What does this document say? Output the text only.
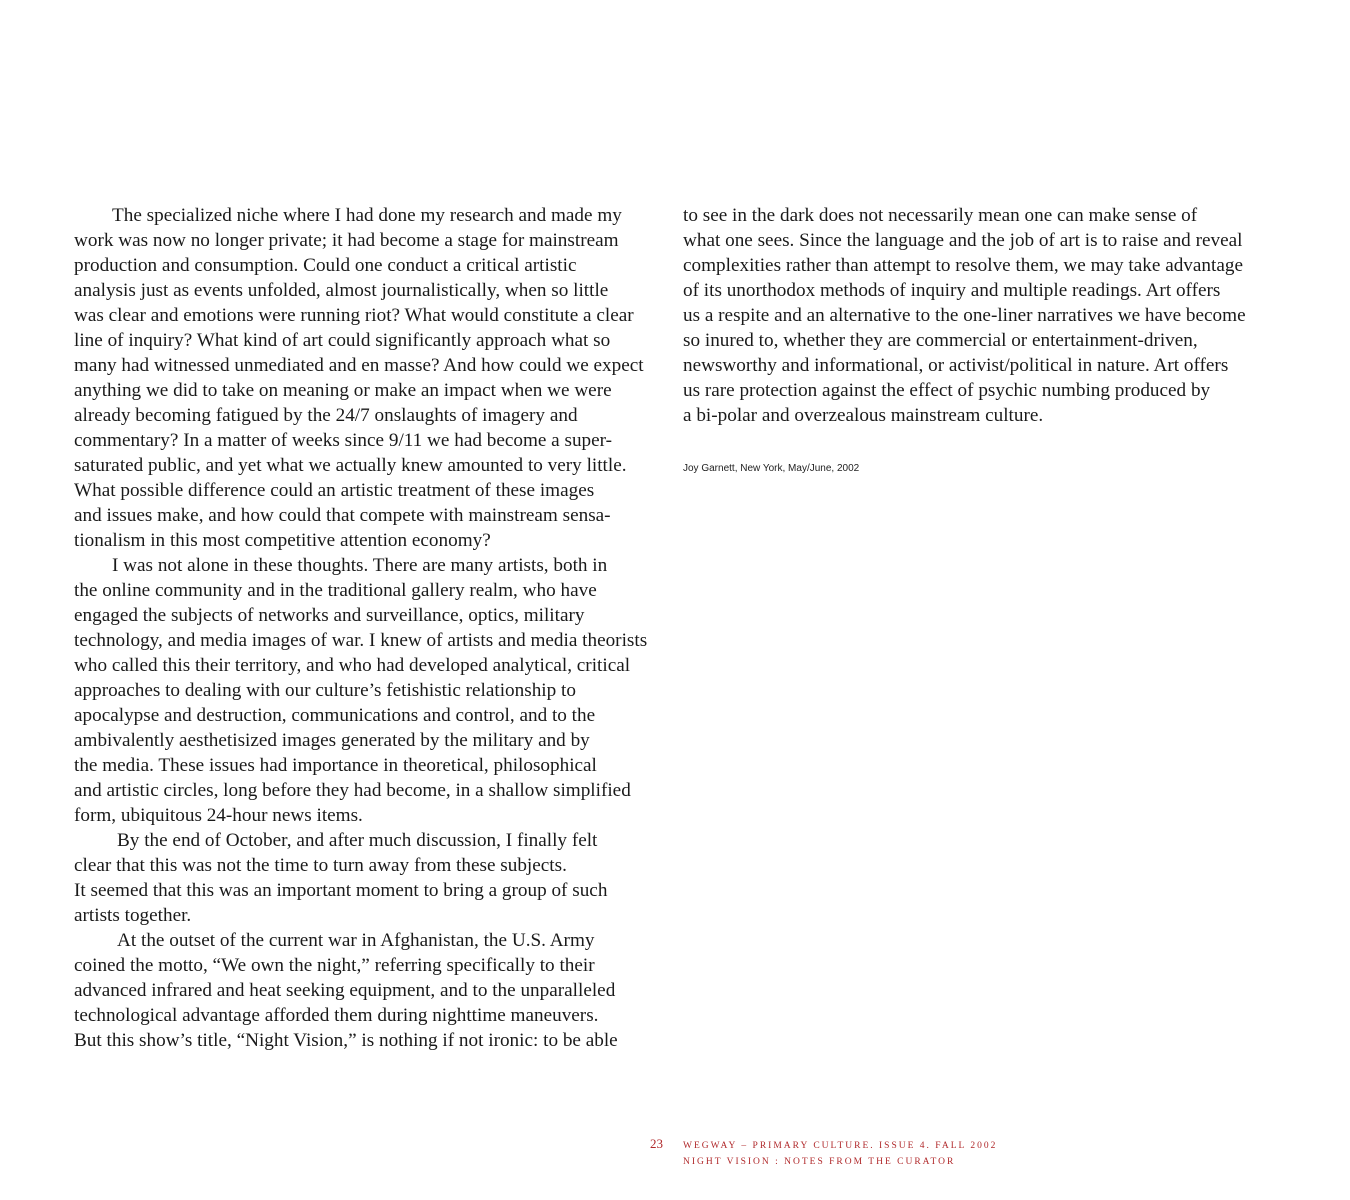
The specialized niche where I had done my research and made my
work was now no longer private; it had become a stage for mainstream
production and consumption. Could one conduct a critical artistic
analysis just as events unfolded, almost journalistically, when so little
was clear and emotions were running riot? What would constitute a clear
line of inquiry? What kind of art could significantly approach what so
many had witnessed unmediated and en masse? And how could we expect
anything we did to take on meaning or make an impact when we were
already becoming fatigued by the 24/7 onslaughts of imagery and
commentary? In a matter of weeks since 9/11 we had become a super-
saturated public, and yet what we actually knew amounted to very little.
What possible difference could an artistic treatment of these images
and issues make, and how could that compete with mainstream sensa-
tionalism in this most competitive attention economy?
I was not alone in these thoughts. There are many artists, both in
the online community and in the traditional gallery realm, who have
engaged the subjects of networks and surveillance, optics, military
technology, and media images of war. I knew of artists and media theorists
who called this their territory, and who had developed analytical, critical
approaches to dealing with our culture’s fetishistic relationship to
apocalypse and destruction, communications and control, and to the
ambivalently aesthetisized images generated by the military and by
the media. These issues had importance in theoretical, philosophical
and artistic circles, long before they had become, in a shallow simplified
form, ubiquitous 24-hour news items.
By the end of October, and after much discussion, I finally felt
clear that this was not the time to turn away from these subjects.
It seemed that this was an important moment to bring a group of such
artists together.
At the outset of the current war in Afghanistan, the U.S. Army
coined the motto, “We own the night,” referring specifically to their
advanced infrared and heat seeking equipment, and to the unparalleled
technological advantage afforded them during nighttime maneuvers.
But this show’s title, “Night Vision,” is nothing if not ironic: to be able
to see in the dark does not necessarily mean one can make sense of
what one sees. Since the language and the job of art is to raise and reveal
complexities rather than attempt to resolve them, we may take advantage
of its unorthodox methods of inquiry and multiple readings. Art offers
us a respite and an alternative to the one-liner narratives we have become
so inured to, whether they are commercial or entertainment-driven,
newsworthy and informational, or activist/political in nature. Art offers
us rare protection against the effect of psychic numbing produced by
a bi-polar and overzealous mainstream culture.
Joy Garnett, New York, May/June, 2002
23 WEGWAY – PRIMARY CULTURE. ISSUE 4. FALL 2002
NIGHT VISION : NOTES FROM THE CURATOR
